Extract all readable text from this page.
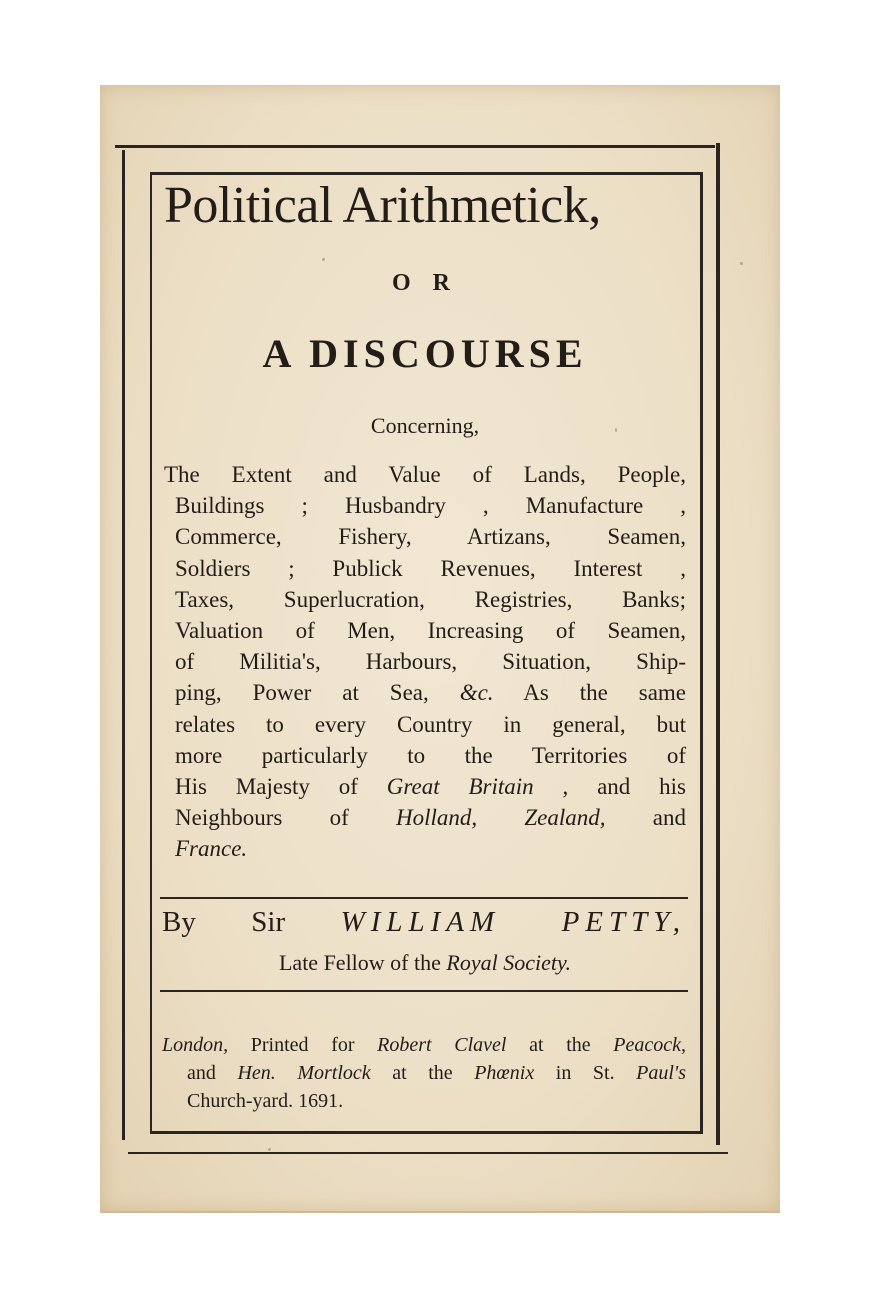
Political Arithmetick,
O R
A DISCOURSE
Concerning,
The Extent and Value of Lands, People,
Buildings ; Husbandry , Manufacture ,
Commerce, Fishery, Artizans, Seamen,
Soldiers ; Publick Revenues, Interest ,
Taxes, Superlucration, Registries, Banks;
Valuation of Men, Increasing of Seamen,
of Militia's, Harbours, Situation, Ship-
ping, Power at Sea, &c. As the same
relates to every Country in general, but
more particularly to the Territories of
His Majesty of Great Britain , and his
Neighbours of Holland, Zealand, and
France.
By Sir WILLIAM PETTY,
Late Fellow of the Royal Society.
London, Printed for Robert Clavel at the Peacock,
and Hen. Mortlock at the Phœnix in St. Paul's
Church-yard. 1691.
